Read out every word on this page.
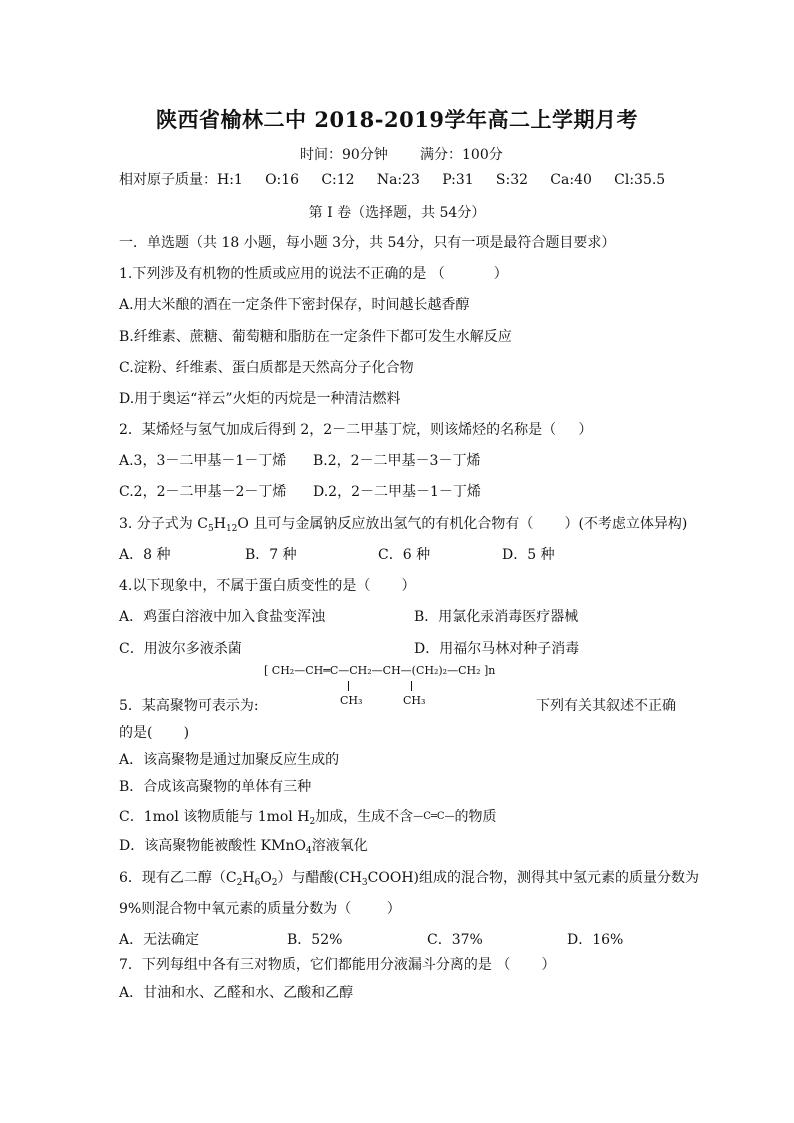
陕西省榆林二中 2018-2019学年高二上学期月考
时间：90分钟 满分：100分
相对原子质量：H:1     O:16     C:12     Na:23     P:31     S:32     Ca:40     Cl:35.5
第 I 卷（选择题，共 54分）
一．单选题（共 18 小题，每小题 3分，共 54分，只有一项是最符合题目要求）
1.下列涉及有机物的性质或应用的说法不正确的是 （           ）
A.用大米酿的酒在一定条件下密封保存，时间越长越香醇
B.纤维素、蔗糖、葡萄糖和脂肪在一定条件下都可发生水解反应
C.淀粉、纤维素、蛋白质都是天然高分子化合物
D.用于奥运“祥云”火炬的丙烷是一种清洁燃料
2．某烯烃与氢气加成后得到 2，2－二甲基丁烷，则该烯烃的名称是（     ）
A.3，3－二甲基－1－丁烯 B.2，2－二甲基－3－丁烯
C.2，2－二甲基－2－丁烯 D.2，2－二甲基－1－丁烯
3. 分子式为 $C_5H_{12}O$ 且可与金属钠反应放出氢气的有机化合物有（       ）(不考虑立体异构)
A．8 种	B．7 种	C．6 种	D．5 种
4.以下现象中，不属于蛋白质变性的是（       ）
A．鸡蛋白溶液中加入食盐变浑浊	B．用氯化汞消毒医疗器械
C．用波尔多液杀菌	D．用福尔马林对种子消毒
[ CH₂—CH═C—CH₂—CH—(CH₂)₂—CH₂ ]n
CH₃	CH₃
5．某高聚物可表示为:	下列有关其叙述不正确
的是(       )
A．该高聚物是通过加聚反应生成的
B．合成该高聚物的单体有三种
C．1mol 该物质能与 1mol $H_2$加成，生成不含—C═C—的物质
D．该高聚物能被酸性 KMnO$_4$溶液氧化
6．现有乙二醇$(C_2H_6O_2)$与醋酸$(CH_3COOH)$组成的混合物，测得其中氢元素的质量分数为
9%则混合物中氧元素的质量分数为（        ）
A．无法确定	B．52%	C．37%	D．16%
7．下列每组中各有三对物质，它们都能用分液漏斗分离的是 （       ）
A．甘油和水、乙醛和水、乙酸和乙醇
